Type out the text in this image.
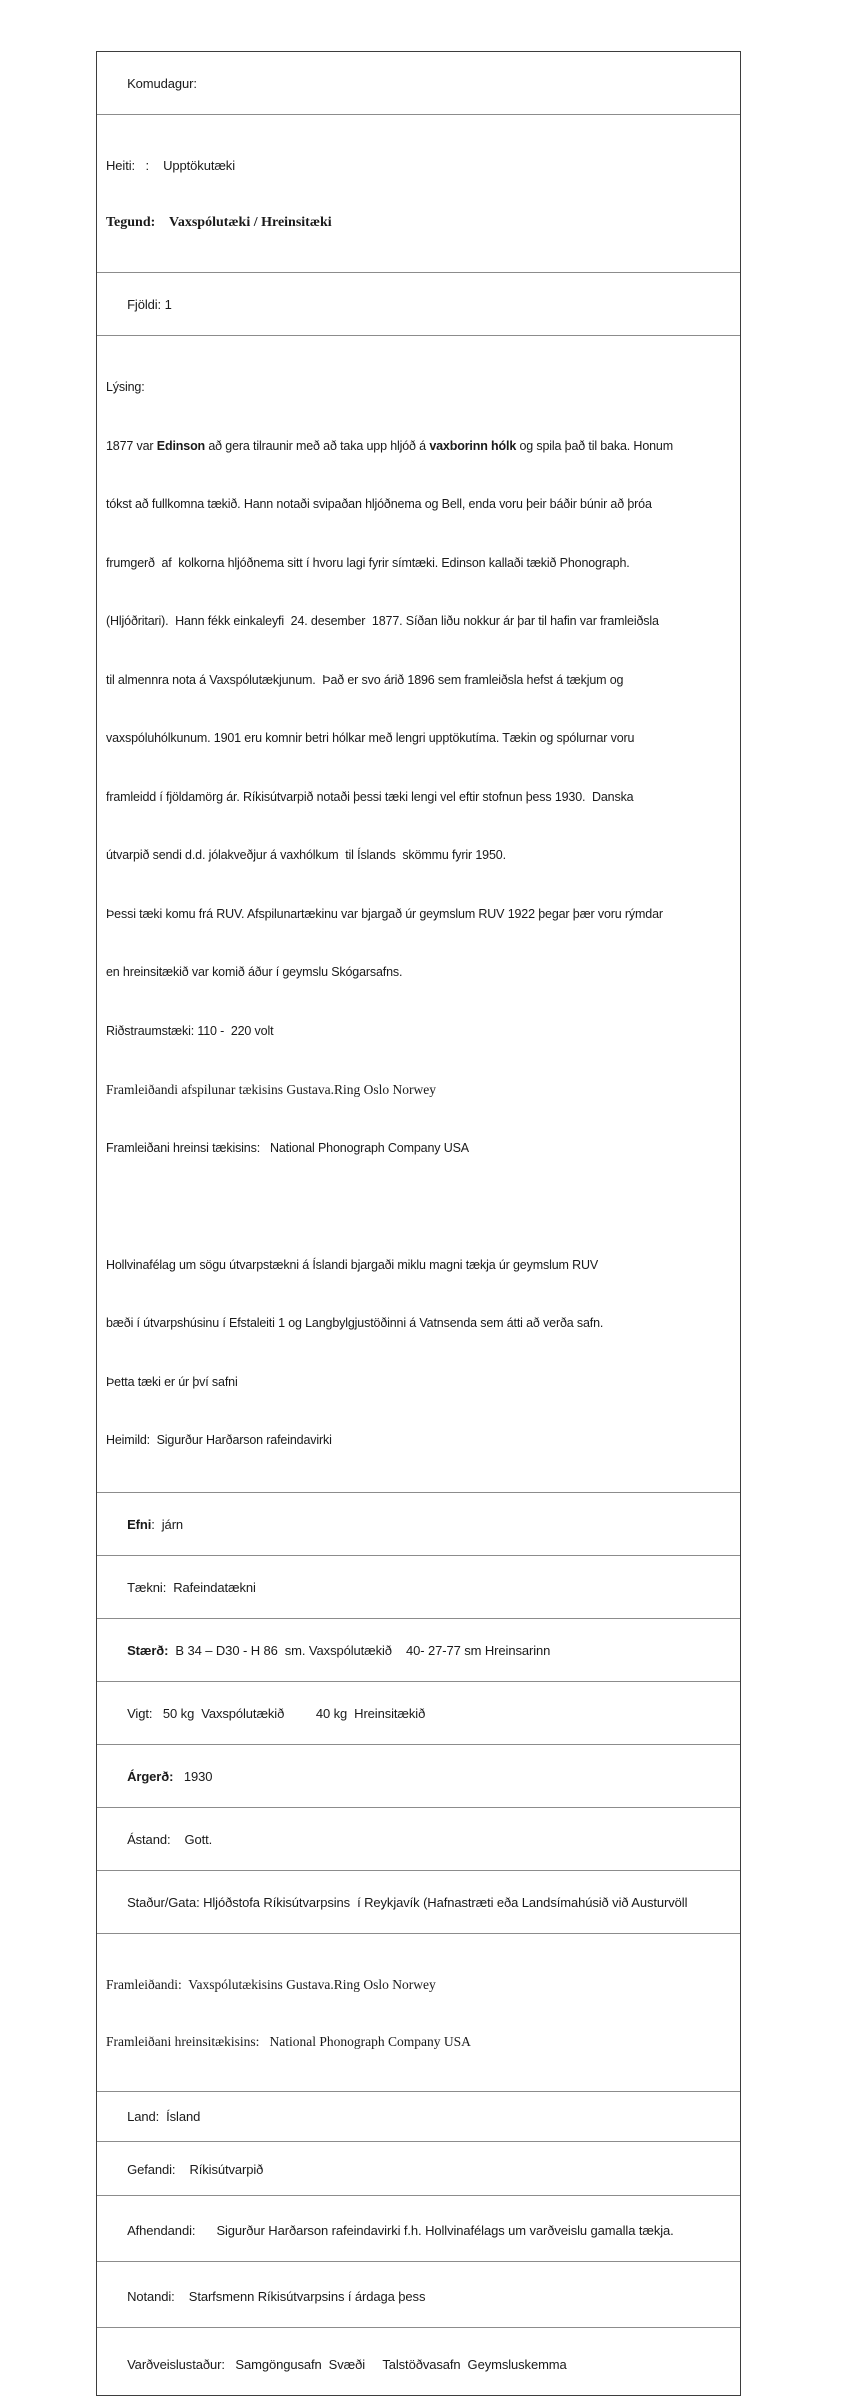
Komudagur:

Heiti:   :    Upptökutæki

Tegund:    Vaxspólutæki / Hreinsitæki

Fjöldi: 1

Lýsing:

1877 var Edinson að gera tilraunir með að taka upp hljóð á vaxborinn hólk og spila það til baka. Honum

tókst að fullkomna tækið. Hann notaði svipaðan hljóðnema og Bell, enda voru þeir báðir búnir að þróa

frumgerð  af  kolkorna hljóðnema sitt í hvoru lagi fyrir símtæki. Edinson kallaði tækið Phonograph.

(Hljóðritari).  Hann fékk einkaleyfi  24. desember  1877. Síðan liðu nokkur ár þar til hafin var framleiðsla

til almennra nota á Vaxspólutækjunum.  Það er svo árið 1896 sem framleiðsla hefst á tækjum og

vaxspóluhólkunum. 1901 eru komnir betri hólkar með lengri upptökutíma. Tækin og spólurnar voru

framleidd í fjöldamörg ár. Ríkisútvarpið notaði þessi tæki lengi vel eftir stofnun þess 1930.  Danska

útvarpið sendi d.d. jólakveðjur á vaxhólkum  til Íslands  skömmu fyrir 1950.

Þessi tæki komu frá RUV. Afspilunartækinu var bjargað úr geymslum RUV 1922 þegar þær voru rýmdar

en hreinsitækið var komið áður í geymslu Skógarsafns.

Riðstraumstæki: 110 -  220 volt

Framleiðandi afspilunar tækisins Gustava.Ring Oslo Norwey

Framleiðani hreinsi tækisins:   National Phonograph Company USA

Hollvinafélag um sögu útvarpstækni á Íslandi bjargaði miklu magni tækja úr geymslum RUV

bæði í útvarpshúsinu í Efstaleiti 1 og Langbylgjustöðinni á Vatnsenda sem átti að verða safn.

Þetta tæki er úr því safni

Heimild:  Sigurður Harðarson rafeindavirki

Efni:  járn

Tækni:  Rafeindatækni

Stærð:  B 34 – D30 - H 86  sm. Vaxspólutækið    40- 27-77 sm Hreinsarinn

Vigt:   50 kg  Vaxspólutækið         40 kg  Hreinsitækið

Árgerð:   1930

Ástand:    Gott.

Staður/Gata: Hljóðstofa Ríkisútvarpsins  í Reykjavík (Hafnastræti eða Landsímahúsið við Austurvöll

Framleiðandi:  Vaxspólutækisins Gustava.Ring Oslo Norwey

Framleiðani hreinsitækisins:   National Phonograph Company USA

Land:  Ísland

Gefandi:    Ríkisútvarpið

Afhendandi:      Sigurður Harðarson rafeindavirki f.h. Hollvinafélags um varðveislu gamalla tækja.

Notandi:    Starfsmenn Ríkisútvarpsins í árdaga þess

Varðveislustaður:   Samgöngusafn  Svæði     Talstöðvasafn  Geymsluskemma
